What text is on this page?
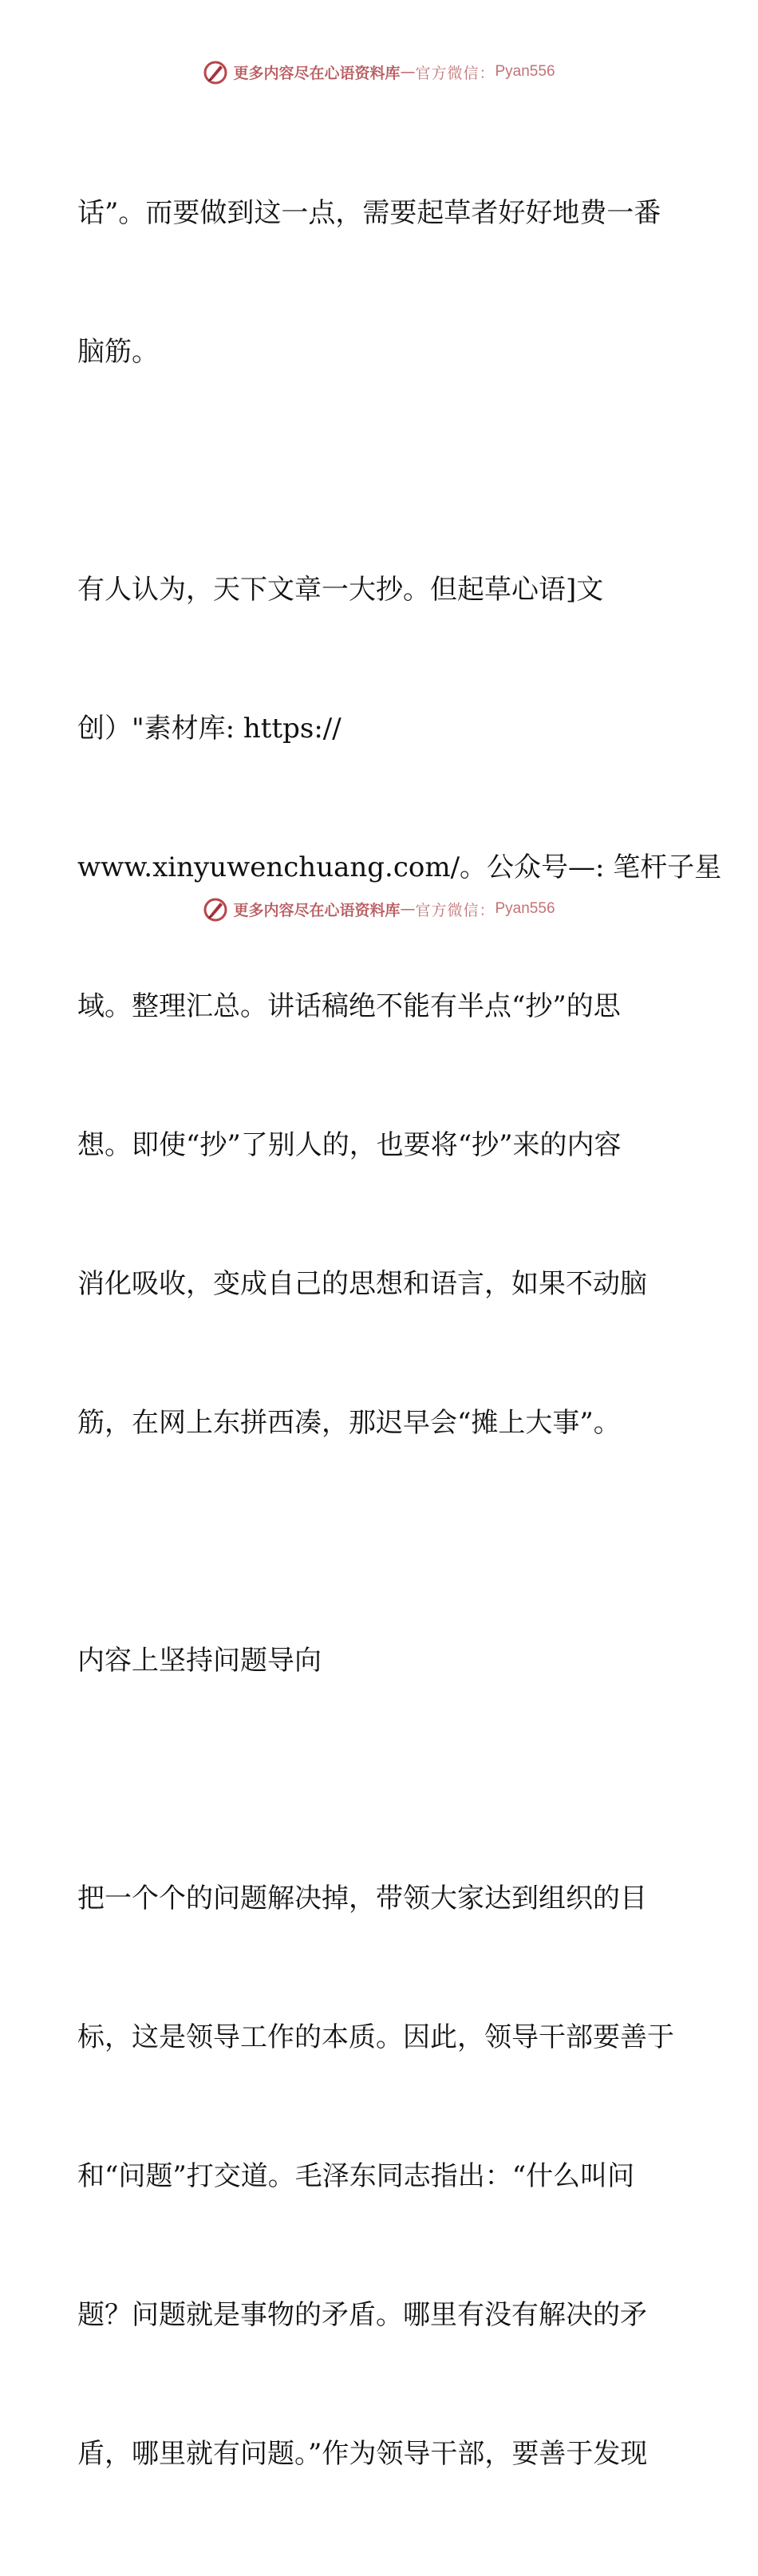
更多内容尽在心语资料库 — 官方微信： Pyan556

话”。而要做到这一点，需要起草者好好地费一番

脑筋。

有人认为，天下文章一大抄。但起草心语]文

创）"素材库: https://

www.xinyuwenchuang.com/。公众号—: 笔杆子星

域。整理汇总。讲话稿绝不能有半点“抄”的思

想。即使“抄”了别人的，也要将“抄”来的内容

消化吸收，变成自己的思想和语言，如果不动脑

筋，在网上东拼西凑，那迟早会“摊上大事”。

内容上坚持问题导向

把一个个的问题解决掉，带领大家达到组织的目

标，这是领导工作的本质。因此，领导干部要善于

和“问题”打交道。毛泽东同志指出：“什么叫问

题？问题就是事物的矛盾。哪里有没有解决的矛

盾，哪里就有问题。”作为领导干部，要善于发现

更多内容尽在心语资料库 — 官方微信： Pyan556
